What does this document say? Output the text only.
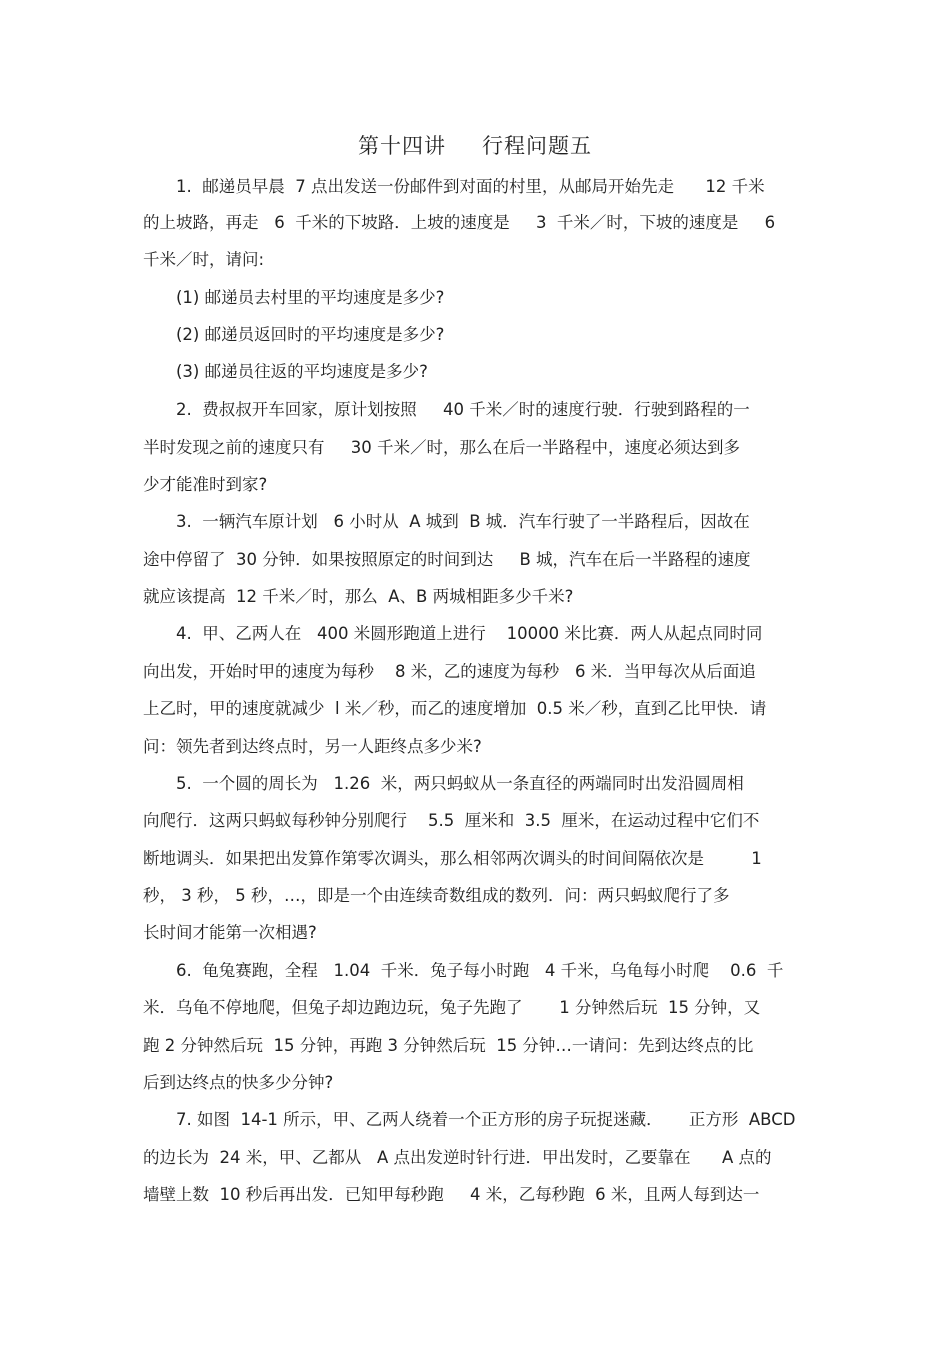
第十四讲 行程问题五
1.  邮递员早晨  7 点出发送一份邮件到对面的村里，从邮局开始先走      12 千米
的上坡路，再走   6  千米的下坡路．上坡的速度是     3  千米／时，下坡的速度是     6
千米／时，请问:
(1) 邮递员去村里的平均速度是多少?
(2) 邮递员返回时的平均速度是多少?
(3) 邮递员往返的平均速度是多少?
2.  费叔叔开车回家，原计划按照     40 千米／时的速度行驶．行驶到路程的一
半时发现之前的速度只有     30 千米／时，那么在后一半路程中，速度必须达到多
少才能准时到家?
3.  一辆汽车原计划   6 小时从  A 城到  B 城．汽车行驶了一半路程后，因故在
途中停留了  30 分钟．如果按照原定的时间到达     B 城，汽车在后一半路程的速度
就应该提高  12 千米／时，那么  A、B 两城相距多少千米?
4.  甲、乙两人在   400 米圆形跑道上进行    10000 米比赛．两人从起点同时同
向出发，开始时甲的速度为每秒    8 米，乙的速度为每秒   6 米．当甲每次从后面追
上乙时，甲的速度就减少  l 米／秒，而乙的速度增加  0.5 米／秒，直到乙比甲快．请
问：领先者到达终点时，另一人距终点多少米?
5.  一个圆的周长为   1.26  米，两只蚂蚁从一条直径的两端同时出发沿圆周相
向爬行．这两只蚂蚁每秒钟分别爬行    5.5  厘米和  3.5  厘米，在运动过程中它们不
断地调头．如果把出发算作第零次调头，那么相邻两次调头的时间间隔依次是         1
秒， 3 秒， 5 秒，…，即是一个由连续奇数组成的数列．问：两只蚂蚁爬行了多
长时间才能第一次相遇?
6.  龟兔赛跑，全程   1.04  千米．兔子每小时跑   4 千米，乌龟每小时爬    0.6  千
米．乌龟不停地爬，但兔子却边跑边玩，兔子先跑了       1 分钟然后玩  15 分钟，又
跑 2 分钟然后玩  15 分钟，再跑 3 分钟然后玩  15 分钟…一请问：先到达终点的比
后到达终点的快多少分钟?
7. 如图  14-1 所示，甲、乙两人绕着一个正方形的房子玩捉迷藏．     正方形  ABCD
的边长为  24 米，甲、乙都从   A 点出发逆时针行进．甲出发时，乙要靠在      A 点的
墙壁上数  10 秒后再出发．已知甲每秒跑     4 米，乙每秒跑  6 米，且两人每到达一
